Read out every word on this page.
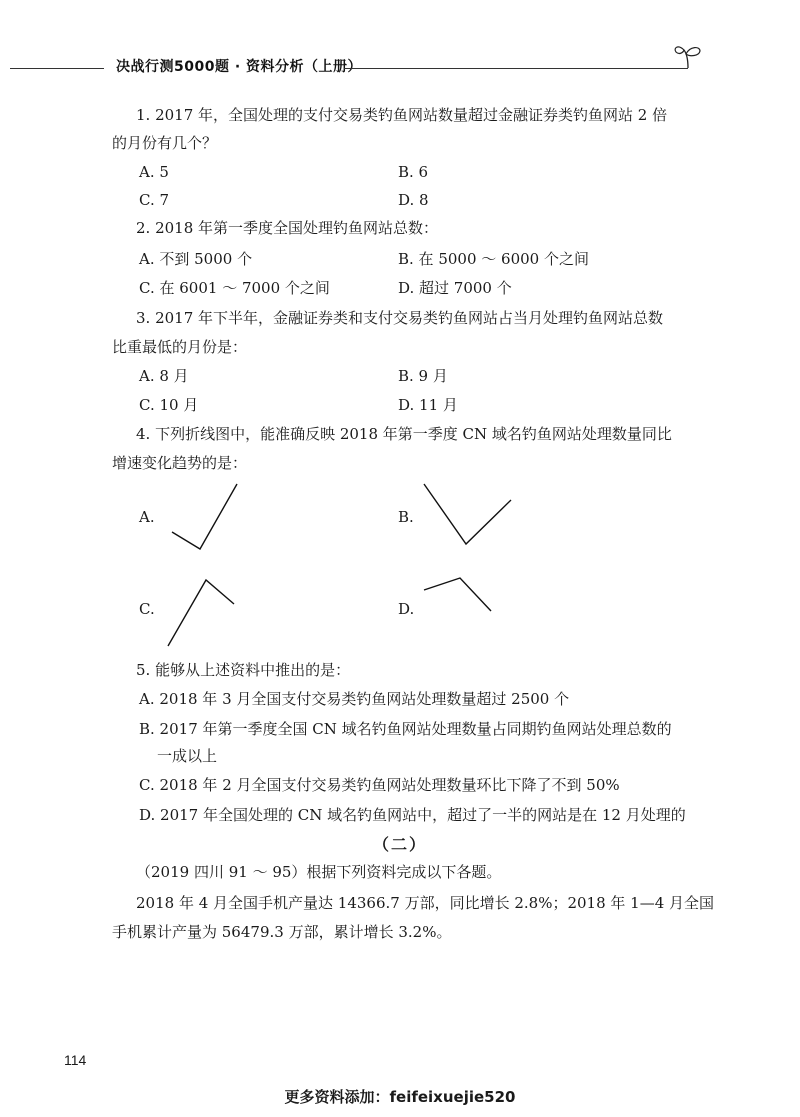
决战行测5000题 · 资料分析（上册）
1. 2017 年，全国处理的支付交易类钓鱼网站数量超过金融证券类钓鱼网站 2 倍
的月份有几个？
A. 5	B. 6
C. 7	D. 8
2. 2018 年第一季度全国处理钓鱼网站总数：
A. 不到 5000 个	B. 在 5000 ～ 6000 个之间
C. 在 6001 ～ 7000 个之间	D. 超过 7000 个
3. 2017 年下半年，金融证券类和支付交易类钓鱼网站占当月处理钓鱼网站总数
比重最低的月份是：
A. 8 月	B. 9 月
C. 10 月	D. 11 月
4. 下列折线图中，能准确反映 2018 年第一季度 CN 域名钓鱼网站处理数量同比
增速变化趋势的是：
A.	B.
C.	D.
5. 能够从上述资料中推出的是：
A. 2018 年 3 月全国支付交易类钓鱼网站处理数量超过 2500 个
B. 2017 年第一季度全国 CN 域名钓鱼网站处理数量占同期钓鱼网站处理总数的
一成以上
C. 2018 年 2 月全国支付交易类钓鱼网站处理数量环比下降了不到 50%
D. 2017 年全国处理的 CN 域名钓鱼网站中，超过了一半的网站是在 12 月处理的
（二）
（2019 四川 91 ～ 95）根据下列资料完成以下各题。
2018 年 4 月全国手机产量达 14366.7 万部，同比增长 2.8%；2018 年 1—4 月全国
手机累计产量为 56479.3 万部，累计增长 3.2%。
114
更多资料添加：feifeixuejie520
